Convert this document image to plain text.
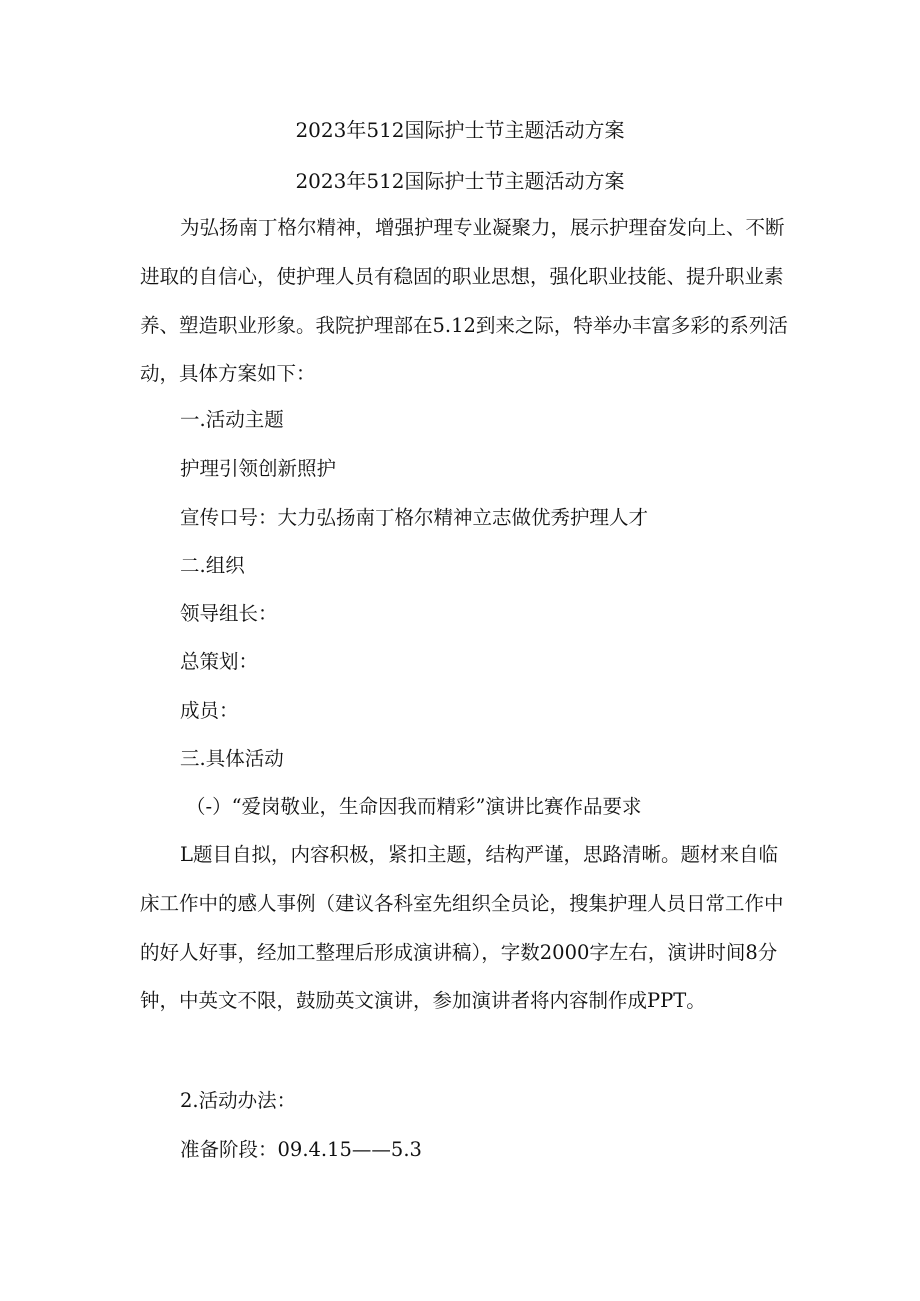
2023年512国际护士节主题活动方案
2023年512国际护士节主题活动方案
为弘扬南丁格尔精神，增强护理专业凝聚力，展示护理奋发向上、不断进取的自信心，使护理人员有稳固的职业思想，强化职业技能、提升职业素养、塑造职业形象。我院护理部在5.12到来之际，特举办丰富多彩的系列活动，具体方案如下：
一.活动主题
护理引领创新照护
宣传口号：大力弘扬南丁格尔精神立志做优秀护理人才
二.组织
领导组长：
总策划：
成员：
三.具体活动
（-）“爱岗敬业，生命因我而精彩”演讲比赛作品要求
L题目自拟，内容积极，紧扣主题，结构严谨，思路清晰。题材来自临床工作中的感人事例（建议各科室先组织全员论，搜集护理人员日常工作中的好人好事，经加工整理后形成演讲稿），字数2000字左右，演讲时间8分钟，中英文不限，鼓励英文演讲，参加演讲者将内容制作成PPT。
2.活动办法：
准备阶段：09.4.15——5.3
